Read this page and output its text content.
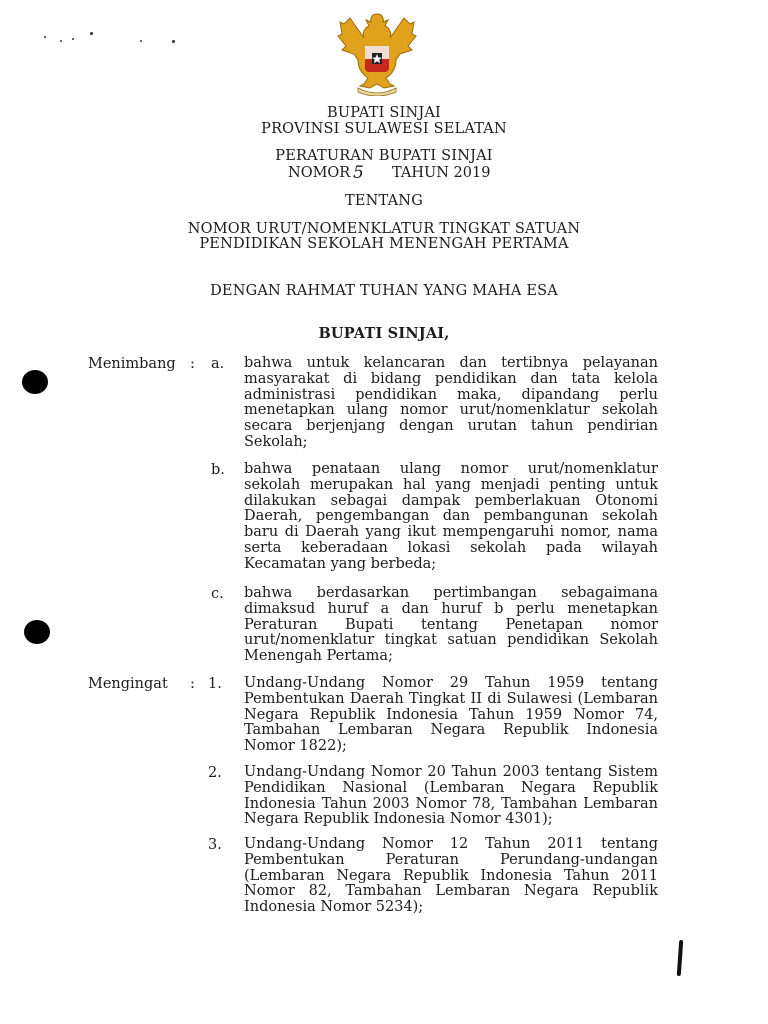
BUPATI SINJAI
PROVINSI SULAWESI SELATAN
PERATURAN BUPATI SINJAI
NOMOR 5 TAHUN 2019
TENTANG
NOMOR URUT/NOMENKLATUR TINGKAT SATUAN
PENDIDIKAN SEKOLAH MENENGAH PERTAMA
DENGAN RAHMAT TUHAN YANG MAHA ESA
BUPATI SINJAI,
Menimbang : a. bahwa untuk kelancaran dan tertibnya pelayanan masyarakat di bidang pendidikan dan tata kelola administrasi pendidikan maka, dipandang perlu menetapkan ulang nomor urut/nomenklatur sekolah secara berjenjang dengan urutan tahun pendirian Sekolah;
b. bahwa penataan ulang nomor urut/nomenklatur sekolah merupakan hal yang menjadi penting untuk dilakukan sebagai dampak pemberlakuan Otonomi Daerah, pengembangan dan pembangunan sekolah baru di Daerah yang ikut mempengaruhi nomor, nama serta keberadaan lokasi sekolah pada wilayah Kecamatan yang berbeda;
c. bahwa berdasarkan pertimbangan sebagaimana dimaksud huruf a dan huruf b perlu menetapkan Peraturan Bupati tentang Penetapan nomor urut/nomenklatur tingkat satuan pendidikan Sekolah Menengah Pertama;
Mengingat : 1. Undang-Undang Nomor 29 Tahun 1959 tentang Pembentukan Daerah Tingkat II di Sulawesi (Lembaran Negara Republik Indonesia Tahun 1959 Nomor 74, Tambahan Lembaran Negara Republik Indonesia Nomor 1822);
2. Undang-Undang Nomor 20 Tahun 2003 tentang Sistem Pendidikan Nasional (Lembaran Negara Republik Indonesia Tahun 2003 Nomor 78, Tambahan Lembaran Negara Republik Indonesia Nomor 4301);
3. Undang-Undang Nomor 12 Tahun 2011 tentang Pembentukan Peraturan Perundang-undangan (Lembaran Negara Republik Indonesia Tahun 2011 Nomor 82, Tambahan Lembaran Negara Republik Indonesia Nomor 5234);
